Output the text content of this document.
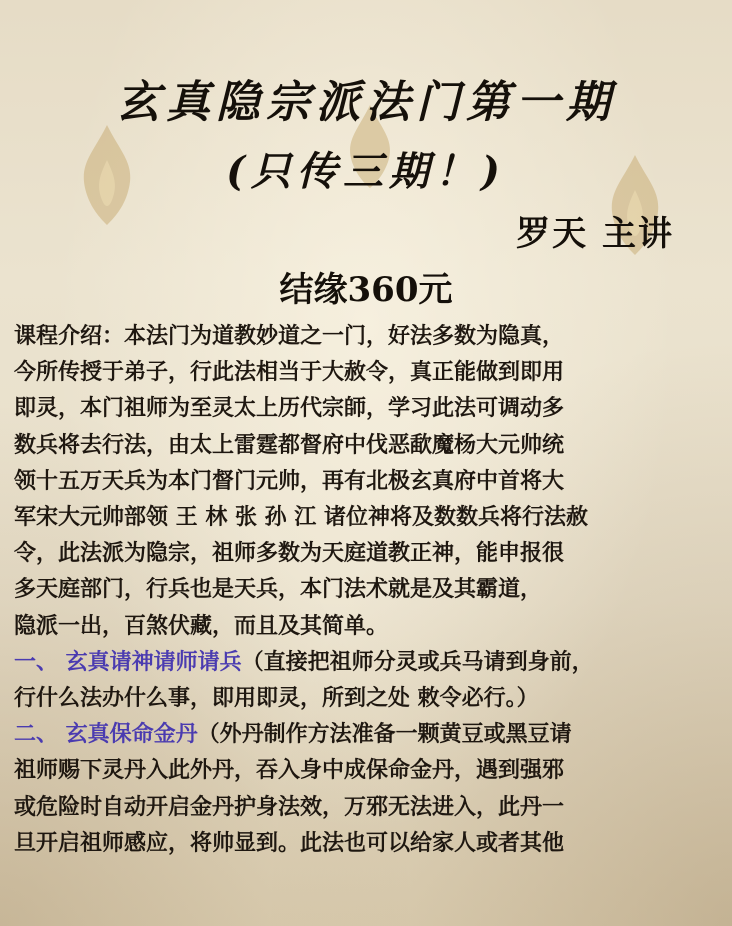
玄真隐宗派法门第一期
(只传三期！)
罗天 主讲
结缘360元
课程介绍：本法门为道教妙道之一门，好法多数为隐真，
今所传授于弟子，行此法相当于大赦令，真正能做到即用
即灵，本门祖师为至灵太上历代宗師，学习此法可调动多
数兵将去行法，由太上雷霆都督府中伐恶歃魔杨大元帅统
领十五万天兵为本门督门元帅，再有北极玄真府中首将大
军宋大元帅部领 王 林 张 孙 江 诸位神将及数数兵将行法赦
令，此法派为隐宗，祖师多数为天庭道教正神，能申报很
多天庭部门，行兵也是天兵，本门法术就是及其霸道，
隐派一出，百煞伏藏，而且及其简单。
一、 玄真请神请师请兵（直接把祖师分灵或兵马请到身前，
行什么法办什么事，即用即灵，所到之处 敕令必行。）
二、 玄真保命金丹（外丹制作方法准备一颗黄豆或黑豆请
祖师赐下灵丹入此外丹，吞入身中成保命金丹，遇到强邪
或危险时自动开启金丹护身法效，万邪无法进入，此丹一
旦开启祖师感应，将帅显到。此法也可以给家人或者其他
